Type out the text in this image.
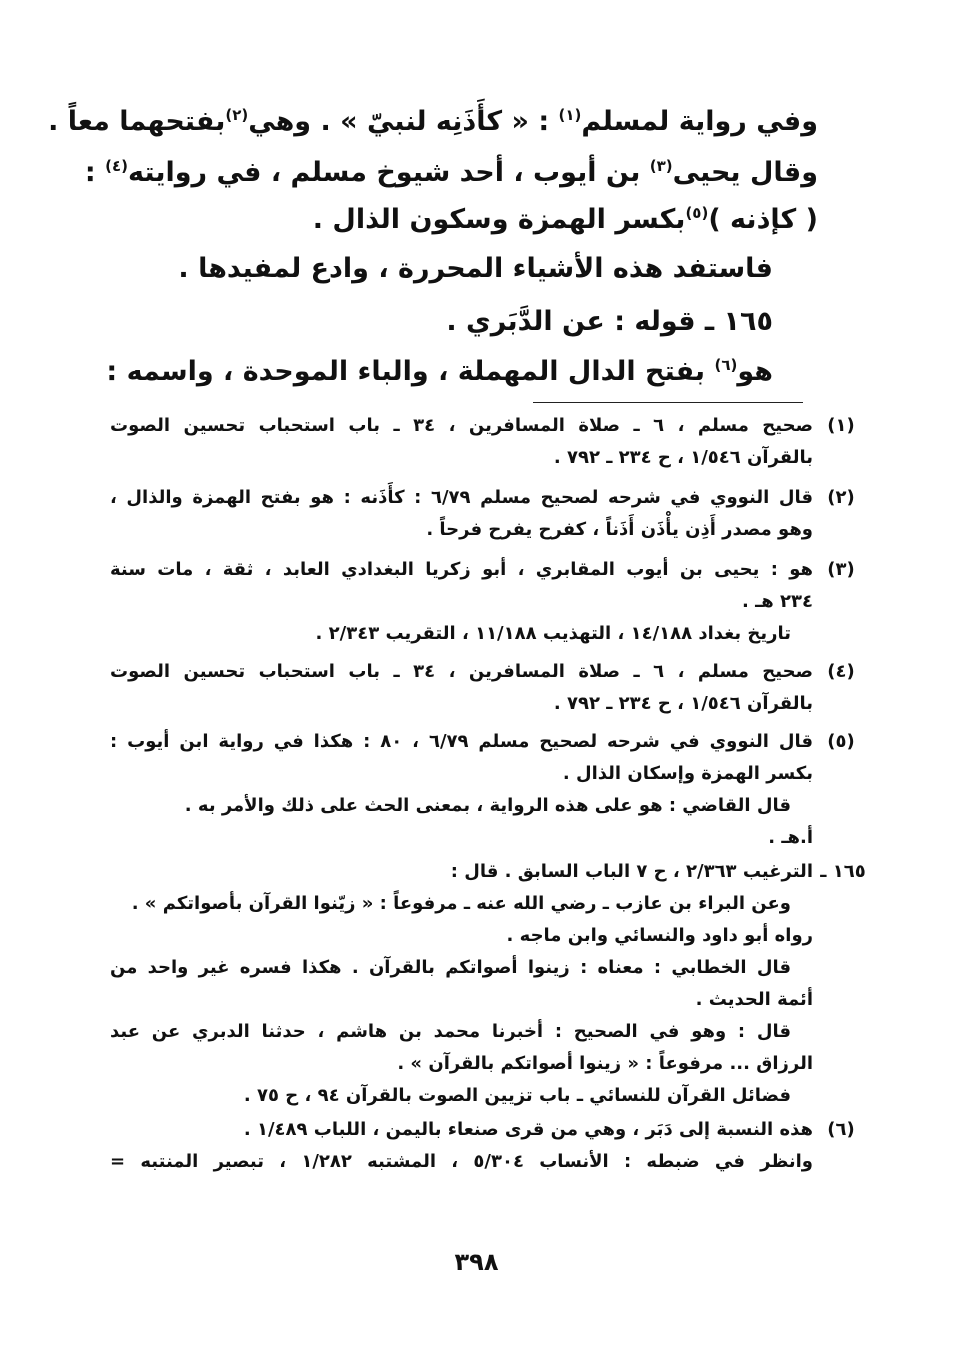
وفي رواية لمسلم$^{(١)}$ : « كأَذَنِه لنبيّ » . وهي$^{(٢)}$بفتحهما معاً .
وقال يحيى$^{(٣)}$ بن أيوب ، أحد شيوخ مسلم ، في روايته$^{(٤)}$ :
( كإذنه )$^{(٥)}$بكسر الهمزة وسكون الذال .
فاستفد هذه الأشياء المحررة ، وادع لمفيدها .
١٦٥ ـ قوله : عن الدَّبَري .
هو$^{(٦)}$ بفتح الدال المهملة ، والباء الموحدة ، واسمه :
(١)
صحيح مسلم ، ٦ ـ صلاة المسافرين ، ٣٤ ـ باب استحباب تحسين الصوت
بالقرآن ١/٥٤٦ ، ح ٢٣٤ ـ ٧٩٢ .
(٢)
قال النووي في شرحه لصحيح مسلم ٦/٧٩ : كأَذَنه : هو بفتح الهمزة والذال ،
وهو مصدر أَذِن يأْذَن أَذَناً ، كفرح يفرح فرحاً .
(٣)
هو : يحيى بن أيوب المقابري ، أبو زكريا البغدادي العابد ، ثقة ، مات سنة
٢٣٤ هـ .
تاريخ بغداد ١٤/١٨٨ ، التهذيب ١١/١٨٨ ، التقريب ٢/٣٤٣ .
(٤)
صحيح مسلم ، ٦ ـ صلاة المسافرين ، ٣٤ ـ باب استحباب تحسين الصوت
بالقرآن ١/٥٤٦ ، ح ٢٣٤ ـ ٧٩٢ .
(٥)
قال النووي في شرحه لصحيح مسلم ٦/٧٩ ، ٨٠ : هكذا في رواية ابن أيوب :
بكسر الهمزة وإسكان الذال .
قال القاضي : هو على هذه الرواية ، بمعنى الحث على ذلك والأمر به .
أ.هـ .
١٦٥ ـ
الترغيب ٢/٣٦٣ ، ح ٧ الباب السابق . قال :
وعن البراء بن عازب ـ رضي الله عنه ـ مرفوعاً : « زيّنوا القرآن بأصواتكم » .
رواه أبو داود والنسائي وابن ماجه .
قال الخطابي : معناه : زينوا أصواتكم بالقرآن . هكذا فسره غير واحد من
أئمة الحديث .
قال : وهو في الصحيح : أخبرنا محمد بن هاشم ، حدثنا الدبري عن عبد
الرزاق ... مرفوعاً : « زينوا أصواتكم بالقرآن » .
فضائل القرآن للنسائي ـ باب تزيين الصوت بالقرآن ٩٤ ، ح ٧٥ .
(٦)
هذه النسبة إلى دَبَر ، وهي من قرى صنعاء باليمن ، اللباب ١/٤٨٩ .
وانظر في ضبطه : الأنساب ٥/٣٠٤ ، المشتبه ١/٢٨٢ ، تبصير المنتبه =
٣٩٨
